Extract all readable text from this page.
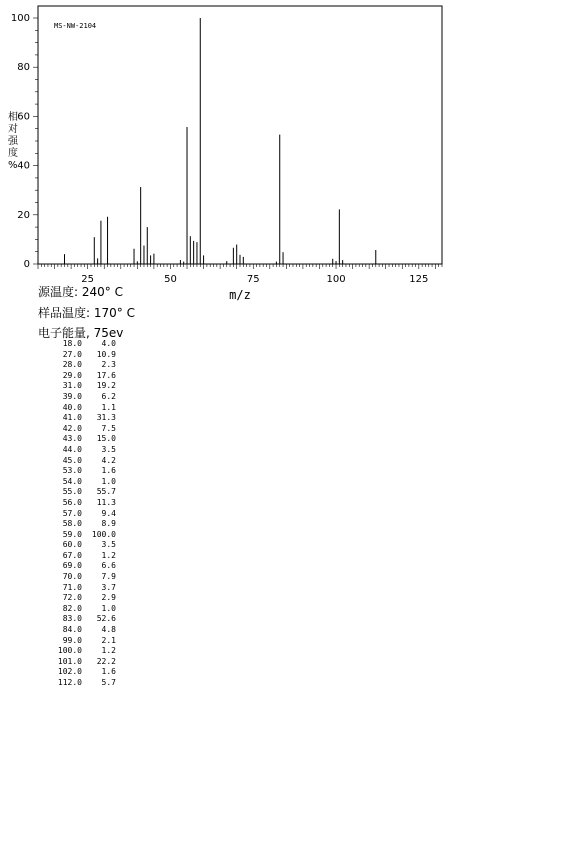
MS-NW-2104
25	50	75	100	125
0
20
40
60
80
100
m/z
相对强度%
源温度: 240° C
样品温度: 170° C
电子能量, 75ev
18.0	4.0
27.0	10.9
28.0	2.3
29.0	17.6
31.0	19.2
39.0	6.2
40.0	1.1
41.0	31.3
42.0	7.5
43.0	15.0
44.0	3.5
45.0	4.2
53.0	1.6
54.0	1.0
55.0	55.7
56.0	11.3
57.0	9.4
58.0	8.9
59.0	100.0
60.0	3.5
67.0	1.2
69.0	6.6
70.0	7.9
71.0	3.7
72.0	2.9
82.0	1.0
83.0	52.6
84.0	4.8
99.0	2.1
100.0	1.2
101.0	22.2
102.0	1.6
112.0	5.7
